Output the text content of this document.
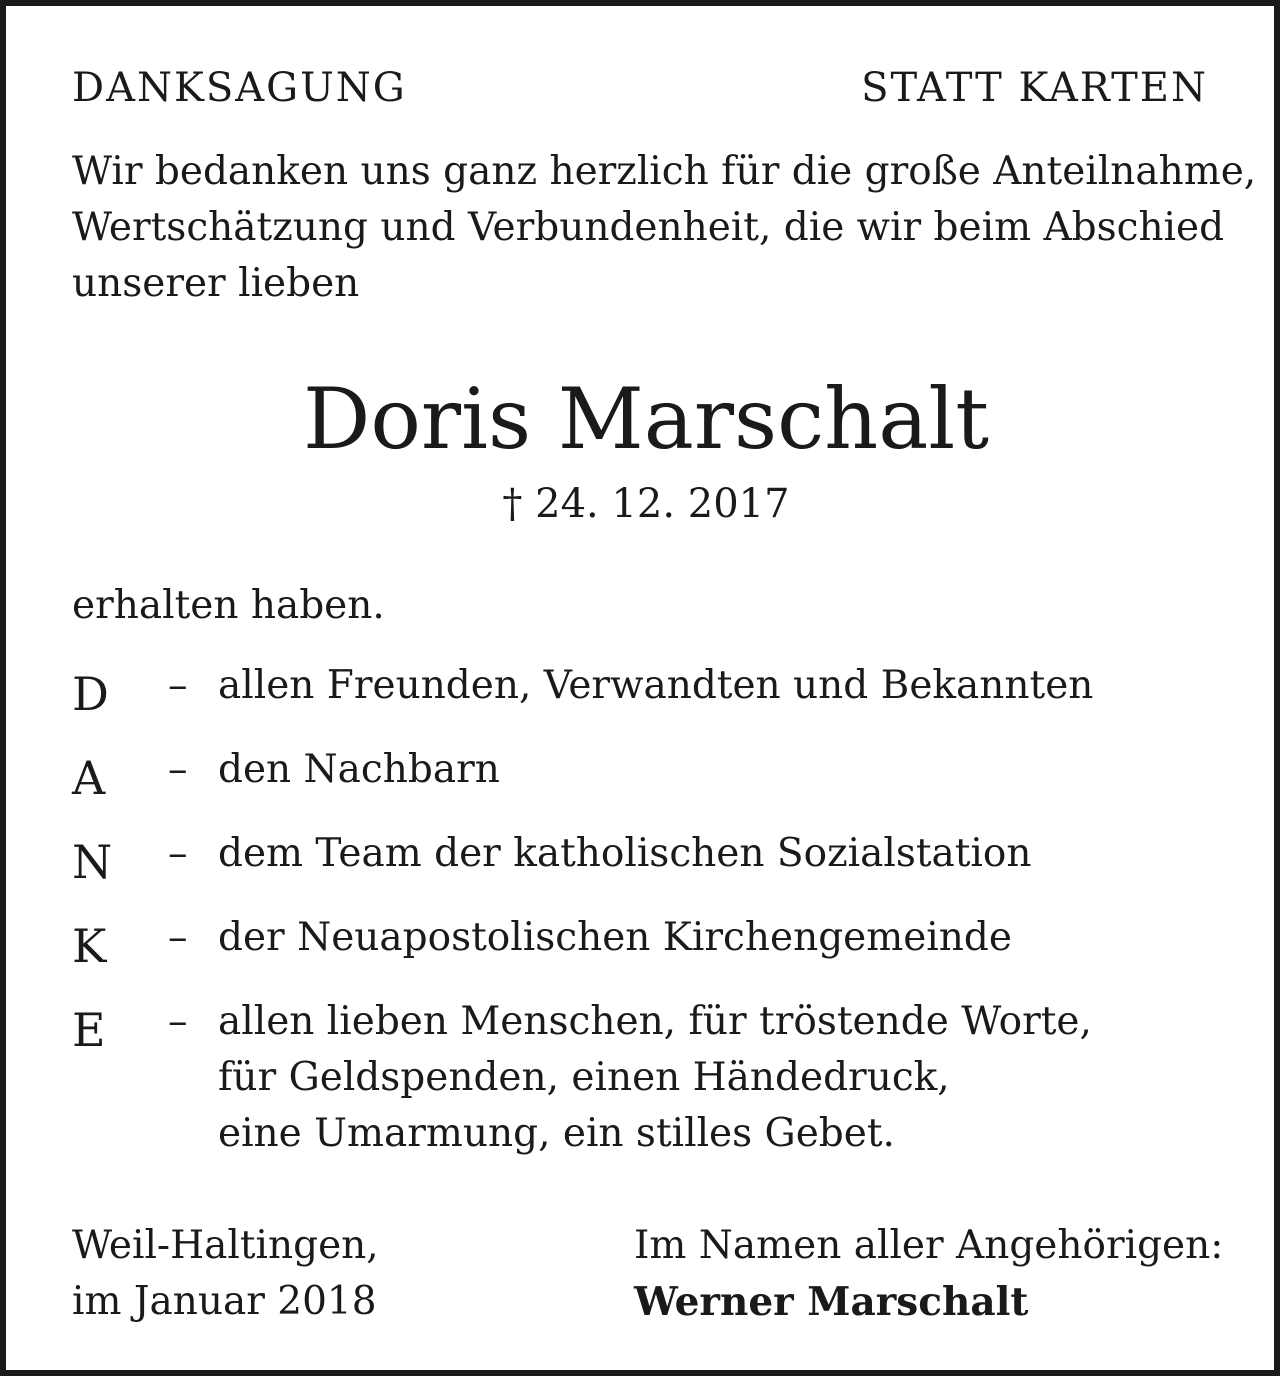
DANKSAGUNG	STATT KARTEN

Wir bedanken uns ganz herzlich für die große Anteilnahme,
Wertschätzung und Verbundenheit, die wir beim Abschied
unserer lieben

Doris Marschalt
† 24. 12. 2017
erhalten haben.
D – allen Freunden, Verwandten und Bekannten
A – den Nachbarn
N – dem Team der katholischen Sozialstation
K – der Neuapostolischen Kirchengemeinde
E – allen lieben Menschen, für tröstende Worte,
für Geldspenden, einen Händedruck,
eine Umarmung, ein stilles Gebet.
Weil-Haltingen,
im Januar 2018
Im Namen aller Angehörigen:
Werner Marschalt
